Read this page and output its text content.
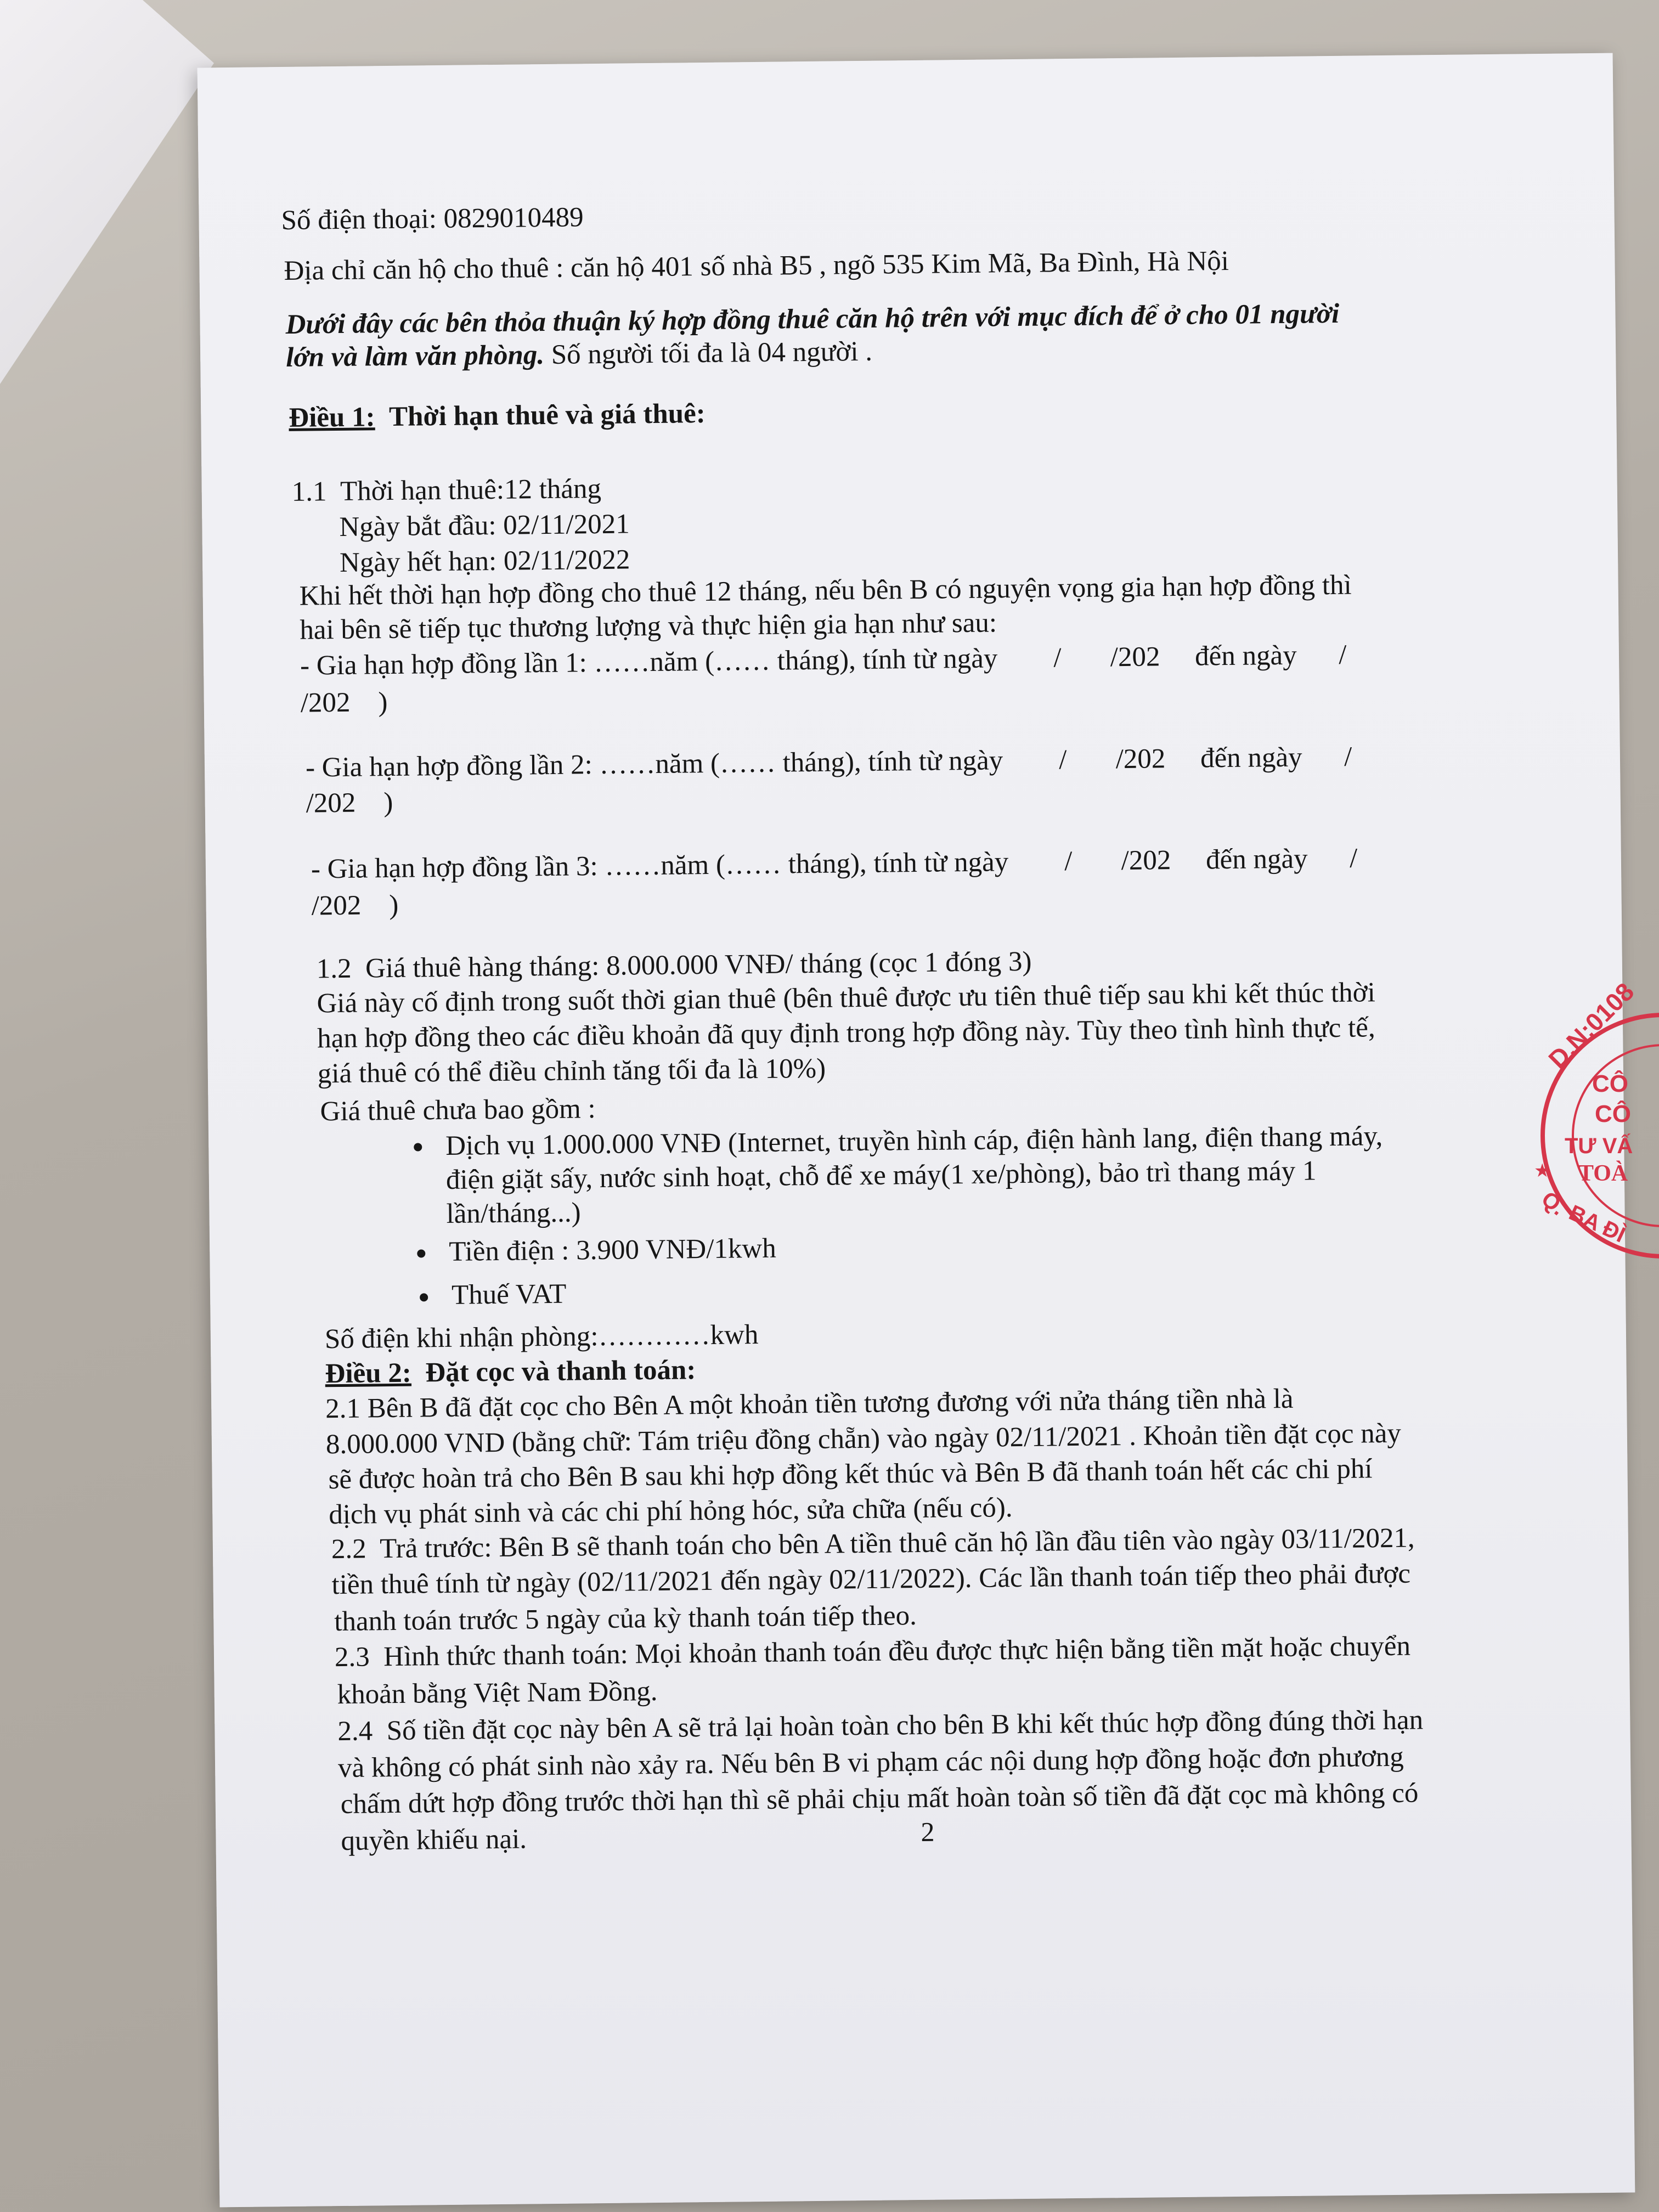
Số điện thoại: 0829010489
Địa chỉ căn hộ cho thuê : căn hộ 401 số nhà B5 , ngõ 535 Kim Mã, Ba Đình, Hà Nội
Dưới đây các bên thỏa thuận ký hợp đồng thuê căn hộ trên với mục đích để ở cho 01 người
lớn và làm văn phòng. Số người tối đa là 04 người .
Điều 1: Thời hạn thuê và giá thuê:
1.1  Thời hạn thuê:12 tháng
Ngày bắt đầu: 02/11/2021
Ngày hết hạn: 02/11/2022
Khi hết thời hạn hợp đồng cho thuê 12 tháng, nếu bên B có nguyện vọng gia hạn hợp đồng thì
hai bên sẽ tiếp tục thương lượng và thực hiện gia hạn như sau:
- Gia hạn hợp đồng lần 1: ……năm (…… tháng), tính từ ngày        /       /202     đến ngày      /
/202    )
- Gia hạn hợp đồng lần 2: ……năm (…… tháng), tính từ ngày        /       /202     đến ngày      /
/202    )
- Gia hạn hợp đồng lần 3: ……năm (…… tháng), tính từ ngày        /       /202     đến ngày      /
/202    )
1.2  Giá thuê hàng tháng: 8.000.000 VNĐ/ tháng (cọc 1 đóng 3)
Giá này cố định trong suốt thời gian thuê (bên thuê được ưu tiên thuê tiếp sau khi kết thúc thời
hạn hợp đồng theo các điều khoản đã quy định trong hợp đồng này. Tùy theo tình hình thực tế,
giá thuê có thể điều chỉnh tăng tối đa là 10%)
Giá thuê chưa bao gồm :
Dịch vụ 1.000.000 VNĐ (Internet, truyền hình cáp, điện hành lang, điện thang máy,
điện giặt sấy, nước sinh hoạt, chỗ để xe máy(1 xe/phòng), bảo trì thang máy 1
lần/tháng...)
Tiền điện : 3.900 VNĐ/1kwh
Thuế VAT
Số điện khi nhận phòng:…………kwh
Điều 2: Đặt cọc và thanh toán:
2.1 Bên B đã đặt cọc cho Bên A một khoản tiền tương đương với nửa tháng tiền nhà là
8.000.000 VND (bằng chữ: Tám triệu đồng chẵn) vào ngày 02/11/2021 . Khoản tiền đặt cọc này
sẽ được hoàn trả cho Bên B sau khi hợp đồng kết thúc và Bên B đã thanh toán hết các chi phí
dịch vụ phát sinh và các chi phí hỏng hóc, sửa chữa (nếu có).
2.2  Trả trước: Bên B sẽ thanh toán cho bên A tiền thuê căn hộ lần đầu tiên vào ngày 03/11/2021,
tiền thuê tính từ ngày (02/11/2021 đến ngày 02/11/2022). Các lần thanh toán tiếp theo phải được
thanh toán trước 5 ngày của kỳ thanh toán tiếp theo.
2.3  Hình thức thanh toán: Mọi khoản thanh toán đều được thực hiện bằng tiền mặt hoặc chuyển
khoản bằng Việt Nam Đồng.
2.4  Số tiền đặt cọc này bên A sẽ trả lại hoàn toàn cho bên B khi kết thúc hợp đồng đúng thời hạn
và không có phát sinh nào xảy ra. Nếu bên B vi phạm các nội dung hợp đồng hoặc đơn phương
chấm dứt hợp đồng trước thời hạn thì sẽ phải chịu mất hoàn toàn số tiền đã đặt cọc mà không có
quyền khiếu nại.	2
D.N:0108
CÔ
CÔ
TƯ VẤ
TOÀ
BA ĐÌ
Q.
★
